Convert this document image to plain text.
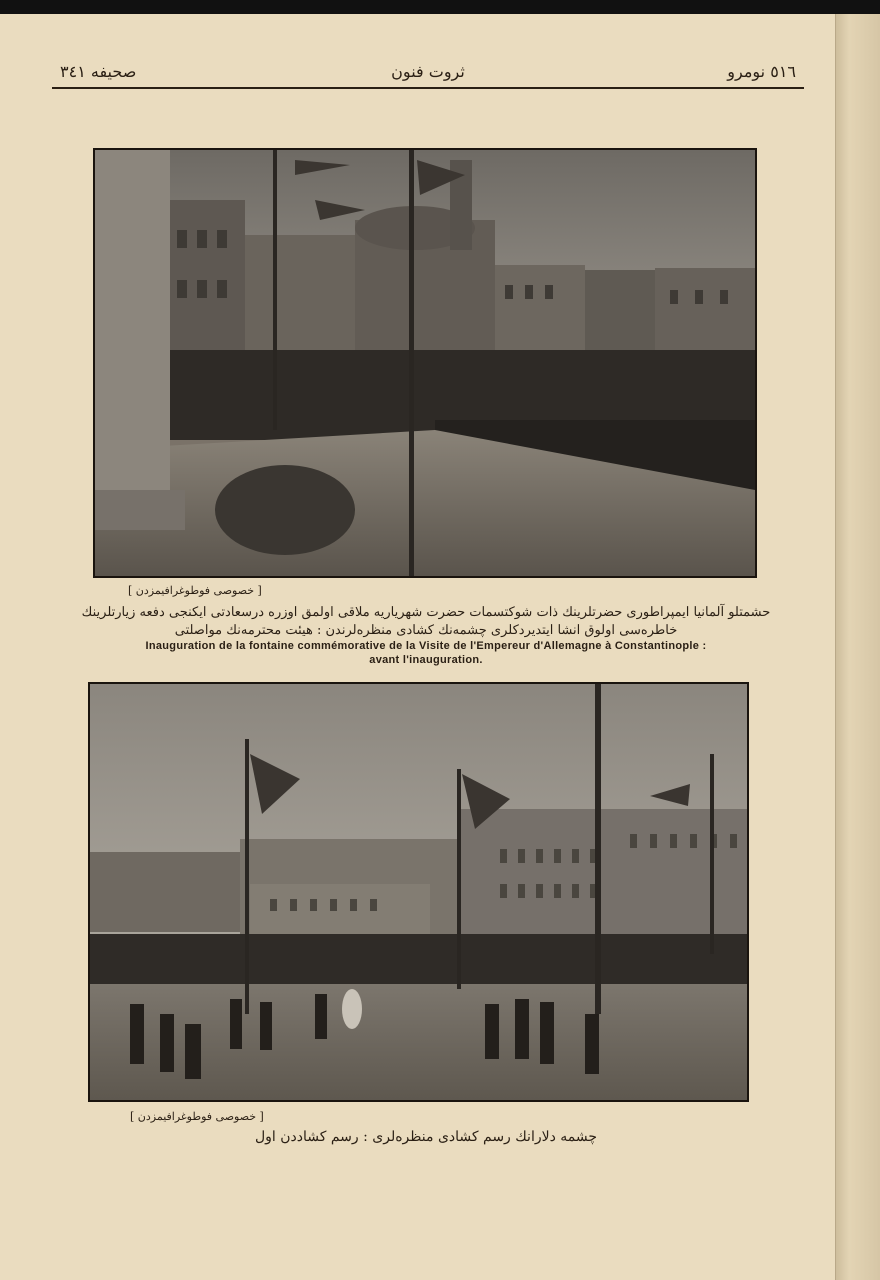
صحيفه ٣٤١	ثروت فنون	٥١٦ نومرو
[ خصوصى فوطوغرافيمزدن ]
حشمتلو آلمانيا ايمپراطورى حضرتلرينك ذات شوكتسمات حضرت شهرياريه ملاقى اولمق اوزره درسعادتى ايكنجى دفعه زيارتلرينك خاطره‌سى اولوق انشا ايتديردكلرى چشمه‌نك كشادى منظره‌لرندن : هيئت محترمه‌نك مواصلتى
Inauguration de la fontaine commémorative de la Visite de l'Empereur d'Allemagne à Constantinople :
avant l'inauguration.
[ خصوصى فوطوغرافيمزدن ]
چشمه دلارانك رسم كشادى منظره‌لرى : رسم كشاددن اول
